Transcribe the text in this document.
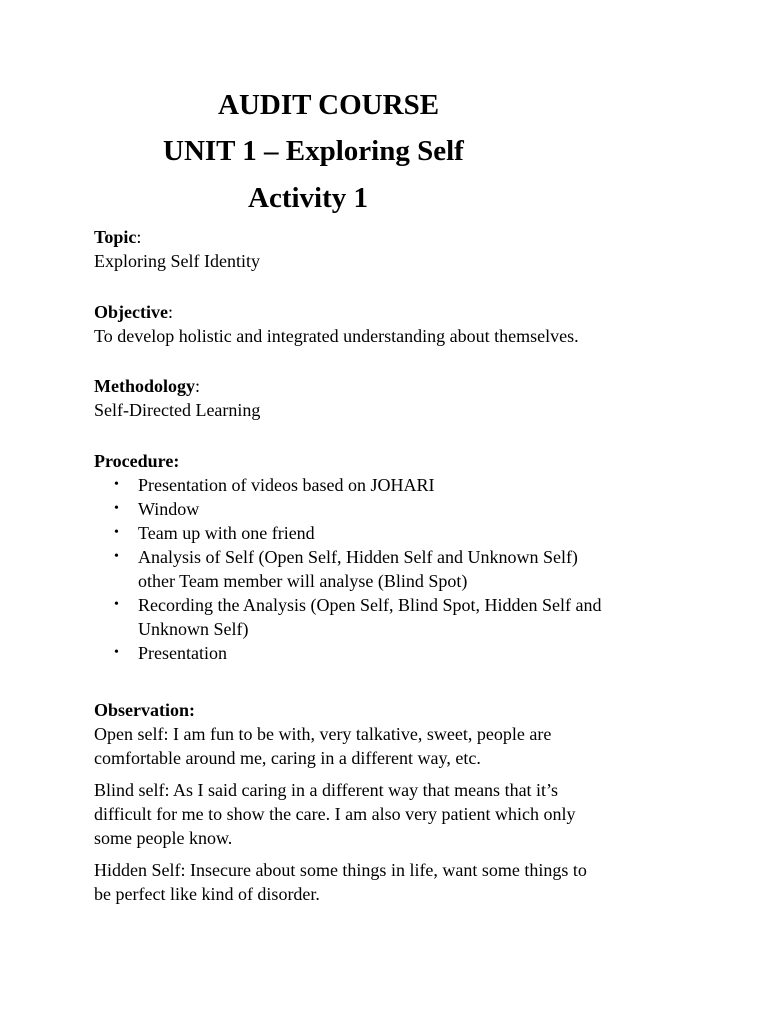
AUDIT COURSE
UNIT 1 – Exploring Self
Activity 1
Topic:
Exploring Self Identity
Objective:
To develop holistic and integrated understanding about themselves.
Methodology:
Self-Directed Learning
Procedure:
• Presentation of videos based on JOHARI
• Window
• Team up with one friend
• Analysis of Self (Open Self, Hidden Self and Unknown Self)
other Team member will analyse (Blind Spot)
• Recording the Analysis (Open Self, Blind Spot, Hidden Self and
Unknown Self)
• Presentation
Observation:
Open self: I am fun to be with, very talkative, sweet, people are
comfortable around me, caring in a different way, etc.
Blind self: As I said caring in a different way that means that it’s
difficult for me to show the care. I am also very patient which only
some people know.
Hidden Self: Insecure about some things in life, want some things to
be perfect like kind of disorder.
